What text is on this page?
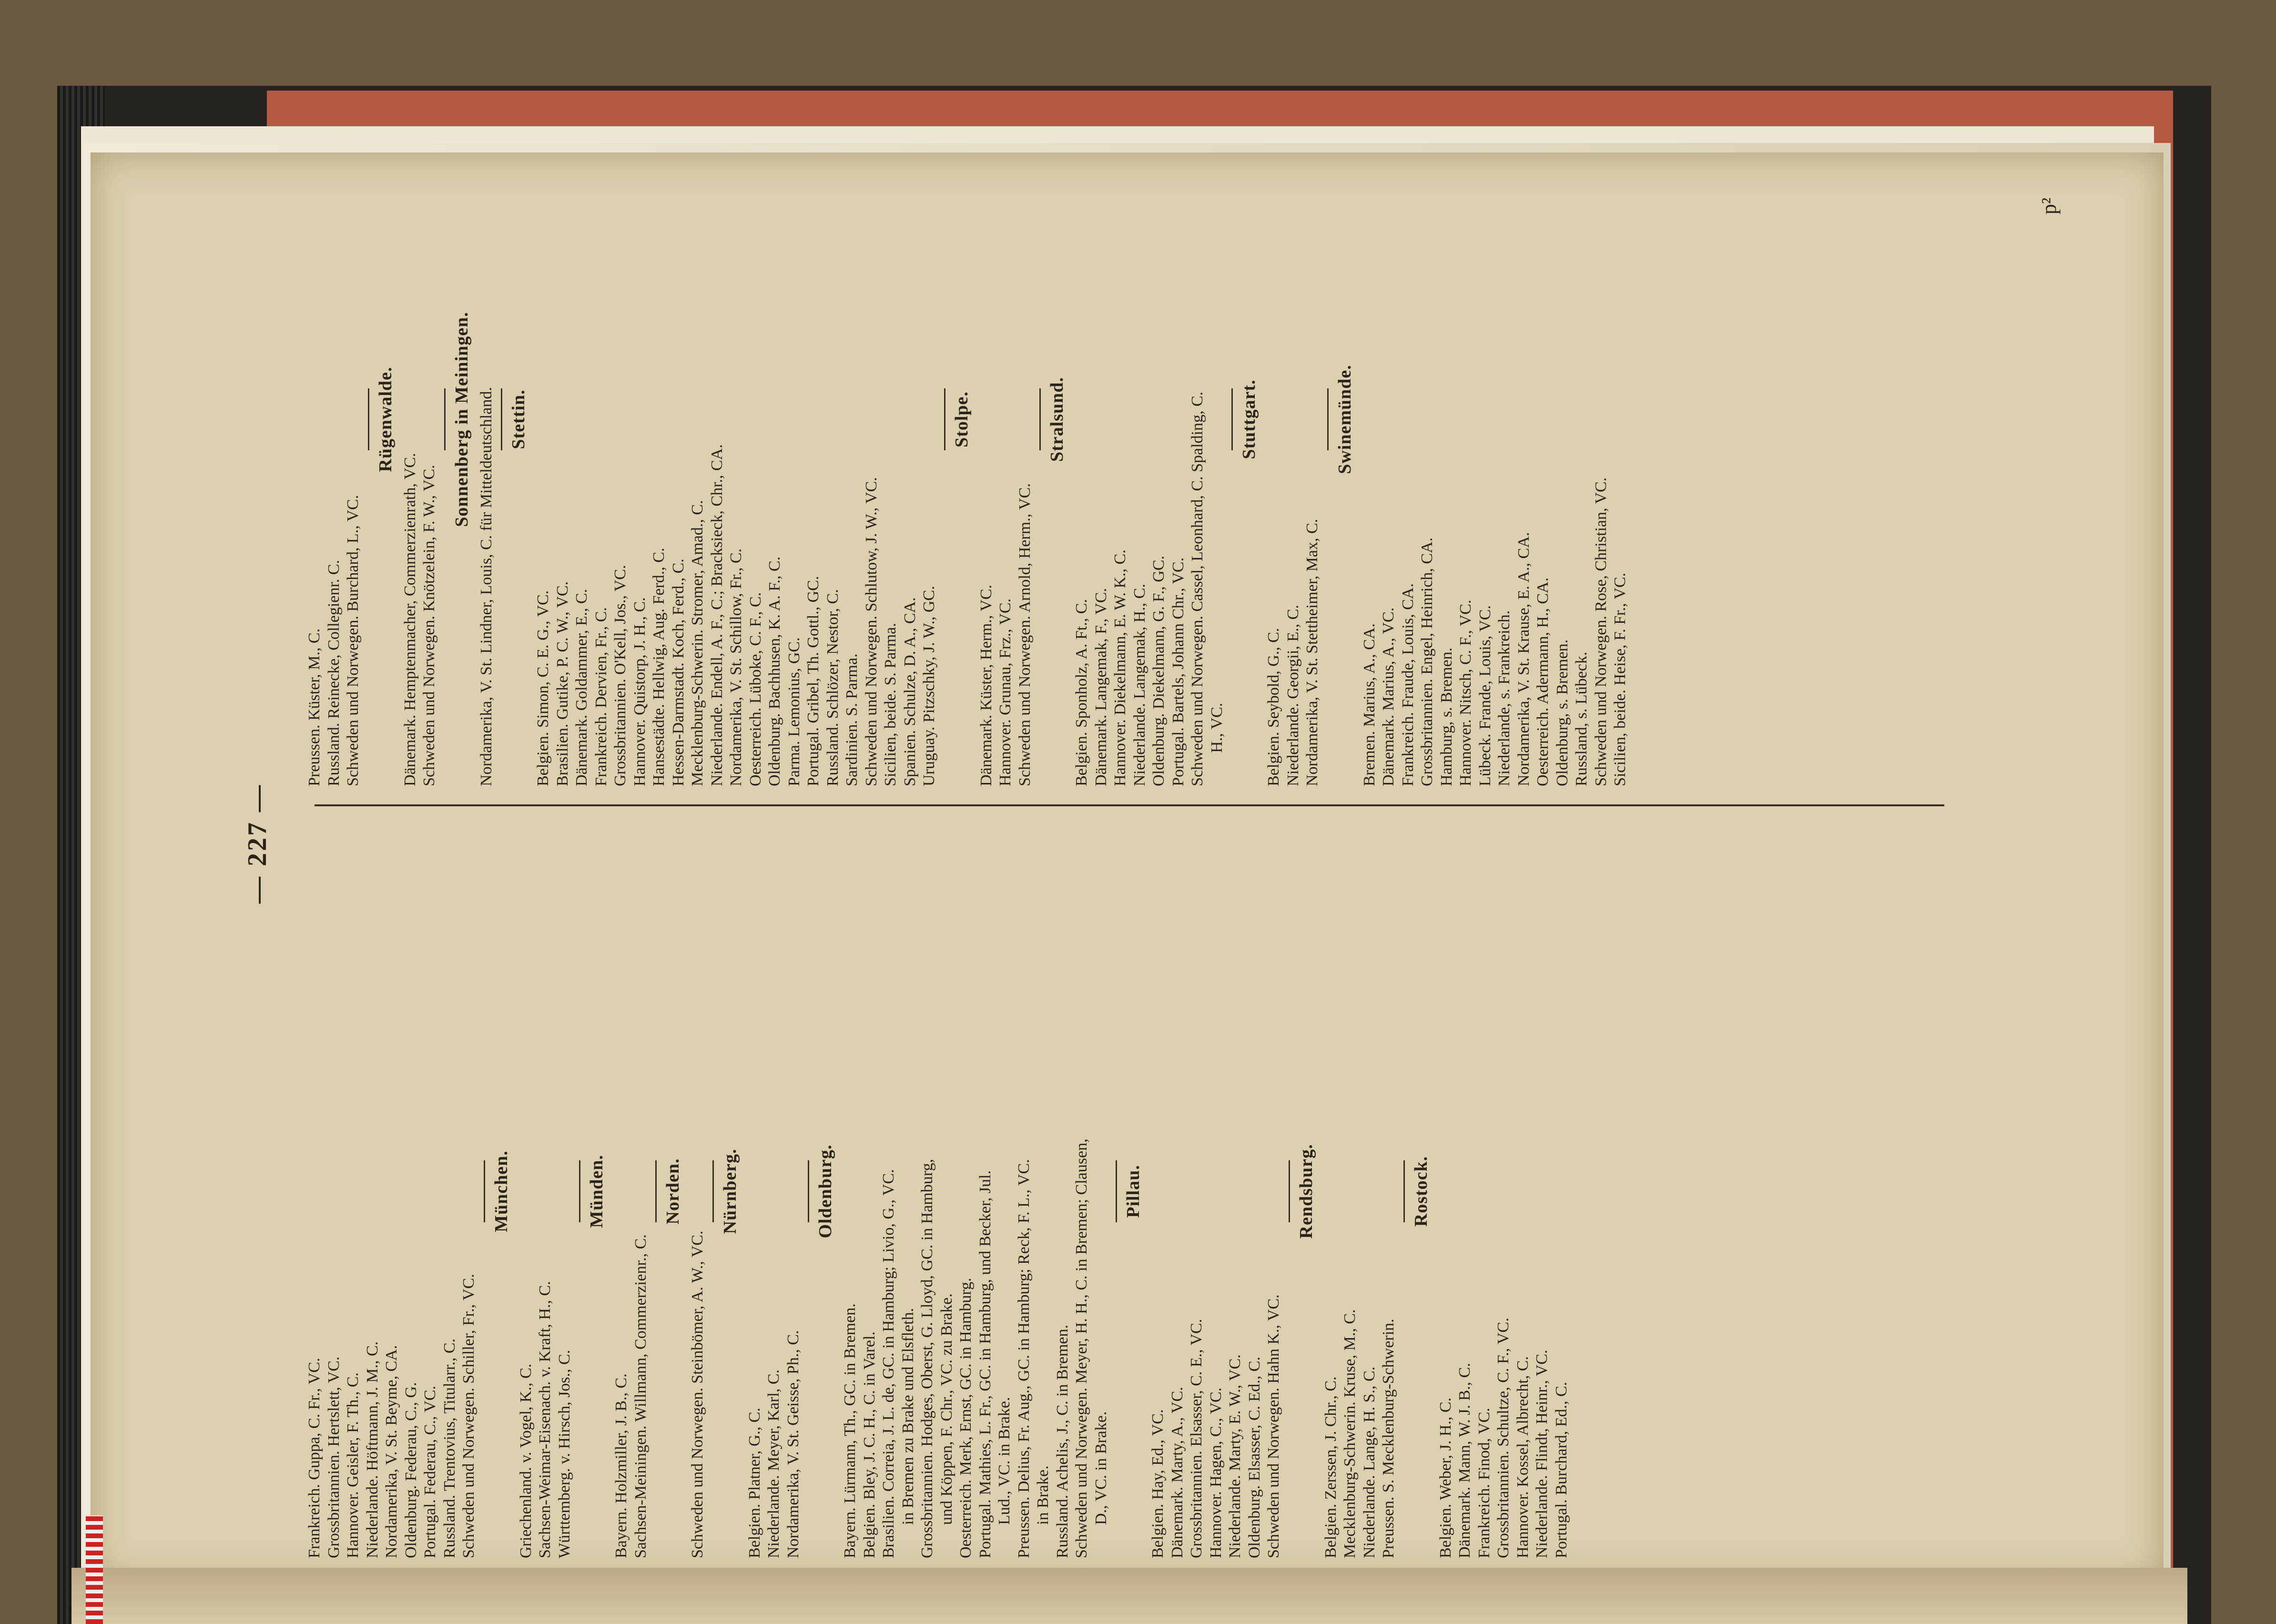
— 227 —
Frankreich. Guppa, C. Fr., VC. Grossbritannien. Hertslett, VC. Hannover. Geisler, F. Th., C. Niederlande. Höftmann, J. M., C. Nordamerika, V. St. Beyme, CA. Oldenburg. Federau, C., G. Portugal. Federau, C., VC. Russland. Trentovius, Titularr., C. Schweden und Norwegen. Schiller, Fr., VC.
München.
Griechenland. v. Vogel, K., C. Sachsen-Weimar-Eisenach. v. Kraft, H., C. Württemberg. v. Hirsch, Jos., C.
Münden.
Bayern. Holzmiller, J. B., C. Sachsen-Meiningen. Willmann, Commerzienr., C.
Norden.
Schweden und Norwegen. Steinbömer, A. W., VC.
Nürnberg.
Belgien. Platner, G., C. Niederlande. Meyer, Karl, C. Nordamerika, V. St. Geisse, Ph., C.
Oldenburg.
Bayern. Lürmann, Th., GC. in Bremen. Belgien. Bley, J. C. H., C. in Varel. Brasilien. Correia, J. L. de, GC. in Hamburg; Livio, G., VC. in Bremen zu Brake und Elsfleth. Grossbritannien. Hodges, Oberst, G. Lloyd, GC. in Hamburg, und Köppen, F. Chr., VC. zu Brake. Oesterreich. Merk, Ernst, GC. in Hamburg. Portugal. Mathies, L. Fr., GC. in Hamburg, und Becker, Jul. Lud., VC. in Brake. Preussen. Delius, Fr. Aug., GC. in Hamburg; Reck, F. L., VC. in Brake. Russland. Achelis, J., C. in Bremen. Schweden und Norwegen. Meyer, H. H., C. in Bremen; Clausen, D., VC. in Brake.
Pillau.
Belgien. Hay, Ed., VC. Dänemark. Marty, A., VC. Grossbritannien. Elsasser, C. E., VC. Hannover. Hagen, C., VC. Niederlande. Marty, E. W., VC. Oldenburg. Elsasser, C. Ed., C. Schweden und Norwegen. Hahn K., VC.
Rendsburg.
Belgien. Zerssen, J. Chr., C. Mecklenburg-Schwerin. Kruse, M., C. Niederlande. Lange, H. S., C. Preussen. S. Mecklenburg-Schwerin.
Rostock.
Belgien. Weber, J. H., C. Dänemark. Mann, W. J. B., C. Frankreich. Finod, VC. Grossbritannien. Schultze, C. F., VC. Hannover. Kossel, Albrecht, C. Niederlande. Flindt, Heinr., VC. Portugal. Burchard, Ed., C.
Preussen. Küster, M., C. Russland. Reinecke, Collegienr. C. Schweden und Norwegen. Burchard, L., VC.
Rügenwalde.
Dänemark. Hemptenmacher, Commerzienrath, VC. Schweden und Norwegen. Knötzelein, F. W., VC.
Sonnenberg in Meiningen. Nordamerika, V. St. Lindner, Louis, C. für Mitteldeutschland. Stettin.
Belgien. Simon, C. E. G., VC. Brasilien. Gutike, P. C. W., VC. Dänemark. Goldammer, E., C. Frankreich. Dervien, Fr., C. Grossbritannien. O'Kell, Jos., VC. Hannover. Quistorp, J. H., C. Hansestädte. Hellwig, Aug. Ferd., C. Hessen-Darmstadt. Koch, Ferd., C. Mecklenburg-Schwerin. Stromer, Amad., C. Niederlande. Endell, A. F., C.; Bracksieck, Chr., CA. Nordamerika, V. St. Schillow, Fr., C. Oesterreich. Lüboke, C. F., C. Oldenburg. Bachhusen, K. A. F., C. Parma. Lemonius, GC. Portugal. Gribel, Th. Gottl., GC. Russland. Schlözer, Nestor, C. Sardinien. S. Parma. Schweden und Norwegen. Schlutow, J. W., VC. Sicilien, beide. S. Parma. Spanien. Schulze, D. A., CA. Uruguay. Pitzschky, J. W., GC.
Stolpe.
Dänemark. Küster, Herm., VC. Hannover. Grunau, Frz., VC. Schweden und Norwegen. Arnold, Herm., VC.
Stralsund.
Belgien. Sponholz, A. Ft., C. Dänemark. Langemak, F., VC. Hannover. Diekelmann, E. W. K., C. Niederlande. Langemak, H., C. Oldenburg. Diekelmann, G. F., GC. Portugal. Bartels, Johann Chr., VC. Schweden und Norwegen. Cassel, Leonhard, C. Spalding, C. H., VC.
Stuttgart.
Belgien. Seybold, G., C. Niederlande. Georgii, E., C. Nordamerika, V. St. Stettheimer, Max, C.
Swinemünde.
Bremen. Marius, A., CA. Dänemark. Marius, A., VC. Frankreich. Fraude, Louis, CA. Grossbritannien. Engel, Heinrich, CA. Hamburg, s. Bremen. Hannover. Nitsch, C. F., VC. Lübeck. Frande, Louis, VC. Niederlande, s. Frankreich. Nordamerika, V. St. Krause, E. A., CA. Oesterreich. Adermann, H., CA. Oldenburg, s. Bremen. Russland, s. Lübeck. Schweden und Norwegen. Rose, Christian, VC. Sicilien, beide. Heise, F. Fr., VC.
p²
